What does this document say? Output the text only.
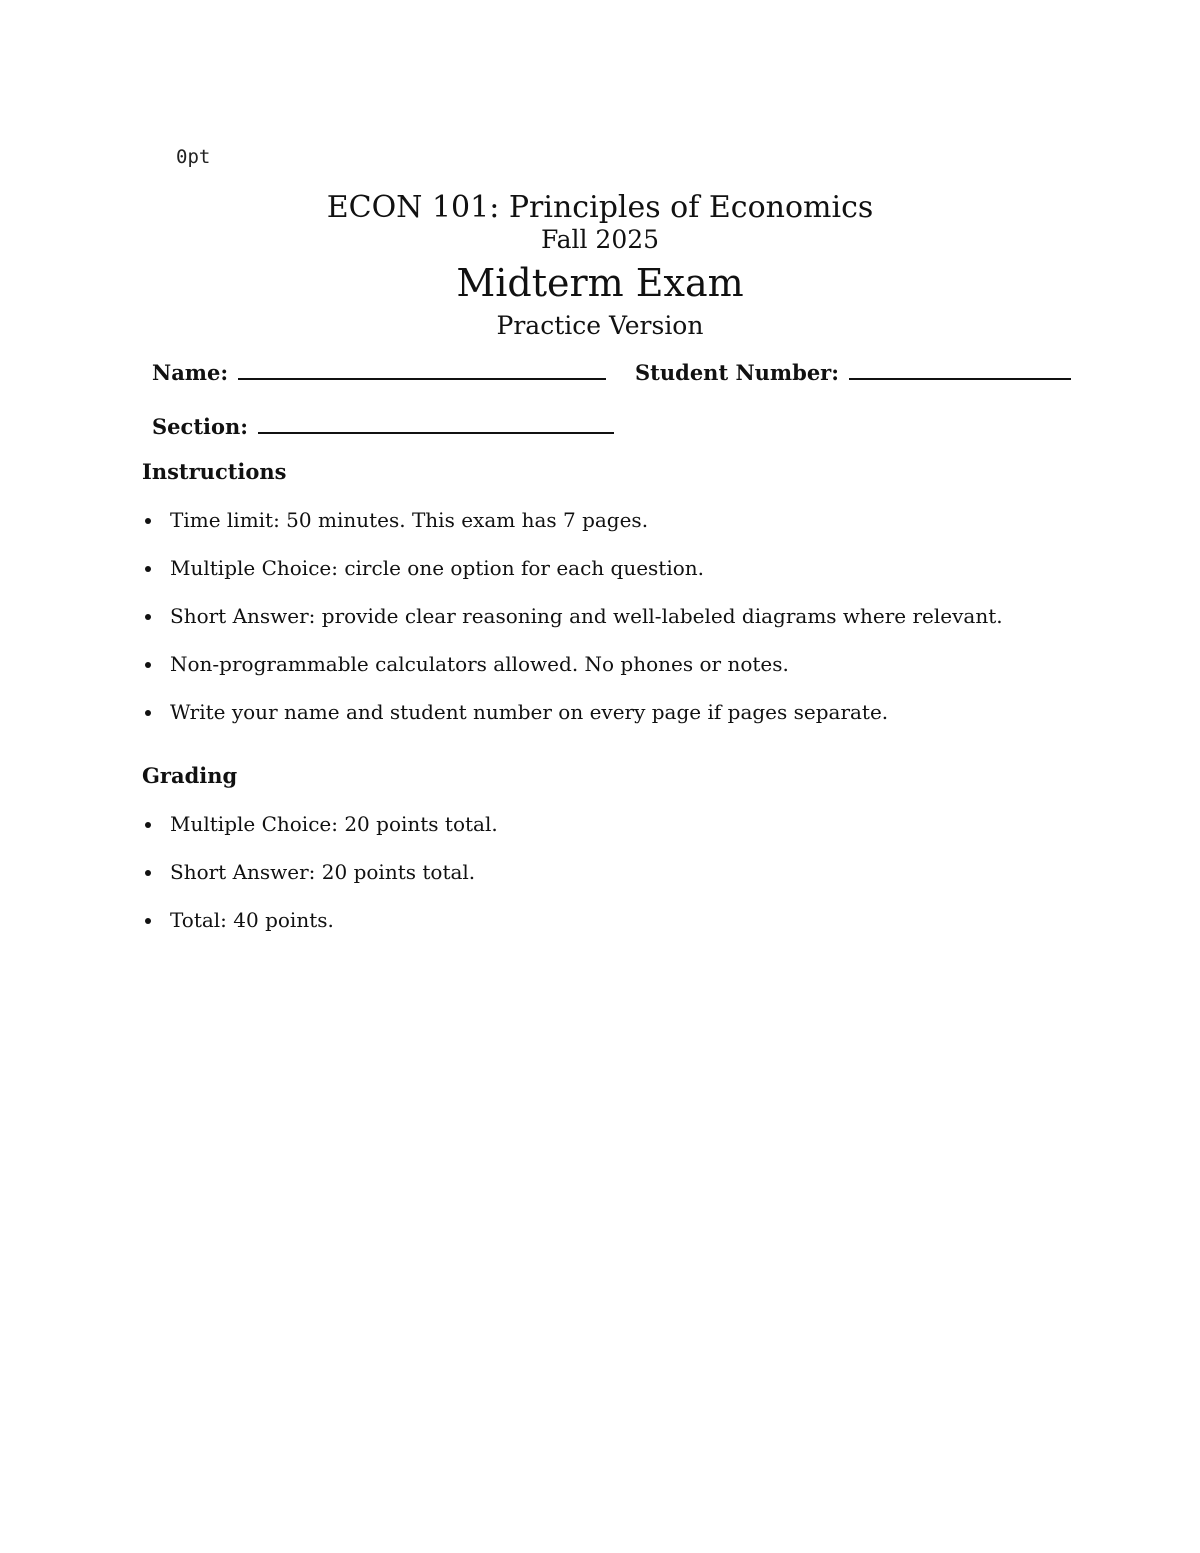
0pt
ECON 101: Principles of Economics
Fall 2025
Midterm Exam
Practice Version
Name:	Student Number:
Section:
Instructions
Time limit: 50 minutes. This exam has 7 pages.
Multiple Choice: circle one option for each question.
Short Answer: provide clear reasoning and well-labeled diagrams where relevant.
Non-programmable calculators allowed. No phones or notes.
Write your name and student number on every page if pages separate.
Grading
Multiple Choice: 20 points total.
Short Answer: 20 points total.
Total: 40 points.
